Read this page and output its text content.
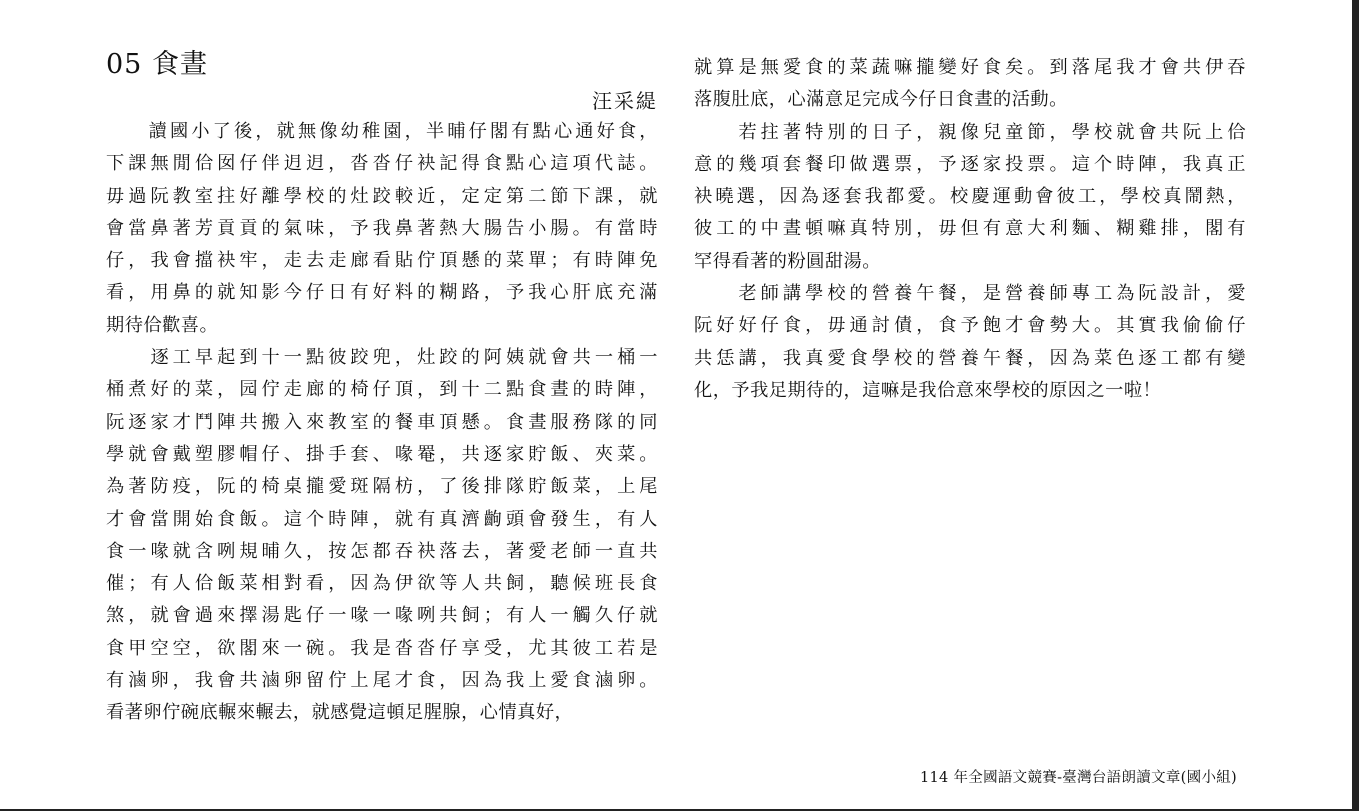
05 食晝
汪采緹
　　讀國小了後，就無像幼稚園，半晡仔閣有點心通好食，
下課無閒佮囡仔伴迌迌，沓沓仔袂記得食點心這項代誌。
毋過阮教室拄好離學校的灶跤較近，定定第二節下課，就
會當鼻著芳貢貢的氣味，予我鼻著熱大腸告小腸。有當時
仔，我會擋袂牢，走去走廊看貼佇頂懸的菜單；有時陣免
看，用鼻的就知影今仔日有好料的糊路，予我心肝底充滿
期待佮歡喜。
　　逐工早起到十一點彼跤兜，灶跤的阿姨就會共一桶一
桶煮好的菜，园佇走廊的椅仔頂，到十二點食晝的時陣，
阮逐家才鬥陣共搬入來教室的餐車頂懸。食晝服務隊的同
學就會戴塑膠帽仔、掛手套、喙罨，共逐家貯飯、夾菜。
為著防疫，阮的椅桌攏愛斑隔枋，了後排隊貯飯菜，上尾
才會當開始食飯。這个時陣，就有真濟齣頭會發生，有人
食一喙就含咧規晡久，按怎都吞袂落去，著愛老師一直共
催；有人佮飯菜相對看，因為伊欲等人共飼，聽候班長食
煞，就會過來擇湯匙仔一喙一喙咧共飼；有人一觸久仔就
食甲空空，欲閣來一碗。我是沓沓仔享受，尤其彼工若是
有滷卵，我會共滷卵留佇上尾才食，因為我上愛食滷卵。
看著卵佇碗底輾來輾去，就感覺這頓足腥腺，心情真好，
就算是無愛食的菜蔬嘛攏變好食矣。到落尾我才會共伊吞
落腹肚底，心滿意足完成今仔日食晝的活動。
　　若拄著特別的日子，親像兒童節，學校就會共阮上佮
意的幾項套餐印做選票，予逐家投票。這个時陣，我真正
袂曉選，因為逐套我都愛。校慶運動會彼工，學校真鬧熱，
彼工的中晝頓嘛真特別，毋但有意大利麵、糊雞排，閣有
罕得看著的粉圓甜湯。
　　老師講學校的營養午餐，是營養師專工為阮設計，愛
阮好好仔食，毋通討債，食予飽才會勢大。其實我偷偷仔
共恁講，我真愛食學校的營養午餐，因為菜色逐工都有變
化，予我足期待的，這嘛是我佮意來學校的原因之一啦！
114 年全國語文競賽-臺灣台語朗讀文章(國小組)
